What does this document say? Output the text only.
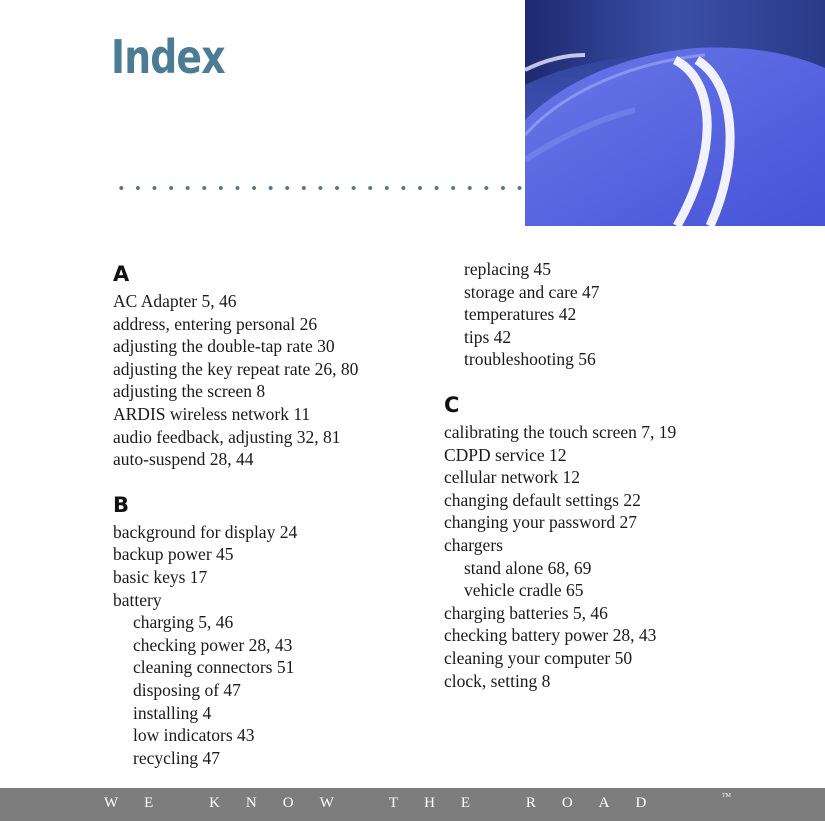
Index
A
AC Adapter 5, 46
address, entering personal 26
adjusting the double-tap rate 30
adjusting the key repeat rate 26, 80
adjusting the screen 8
ARDIS wireless network 11
audio feedback, adjusting 32, 81
auto-suspend 28, 44
B
background for display 24
backup power 45
basic keys 17
battery
charging 5, 46
checking power 28, 43
cleaning connectors 51
disposing of 47
installing 4
low indicators 43
recycling 47
replacing 45
storage and care 47
temperatures 42
tips 42
troubleshooting 56
C
calibrating the touch screen 7, 19
CDPD service 12
cellular network 12
changing default settings 22
changing your password 27
chargers
stand alone 68, 69
vehicle cradle 65
charging batteries 5, 46
checking battery power 28, 43
cleaning your computer 50
clock, setting 8
WE KNOW THE ROAD	TM
